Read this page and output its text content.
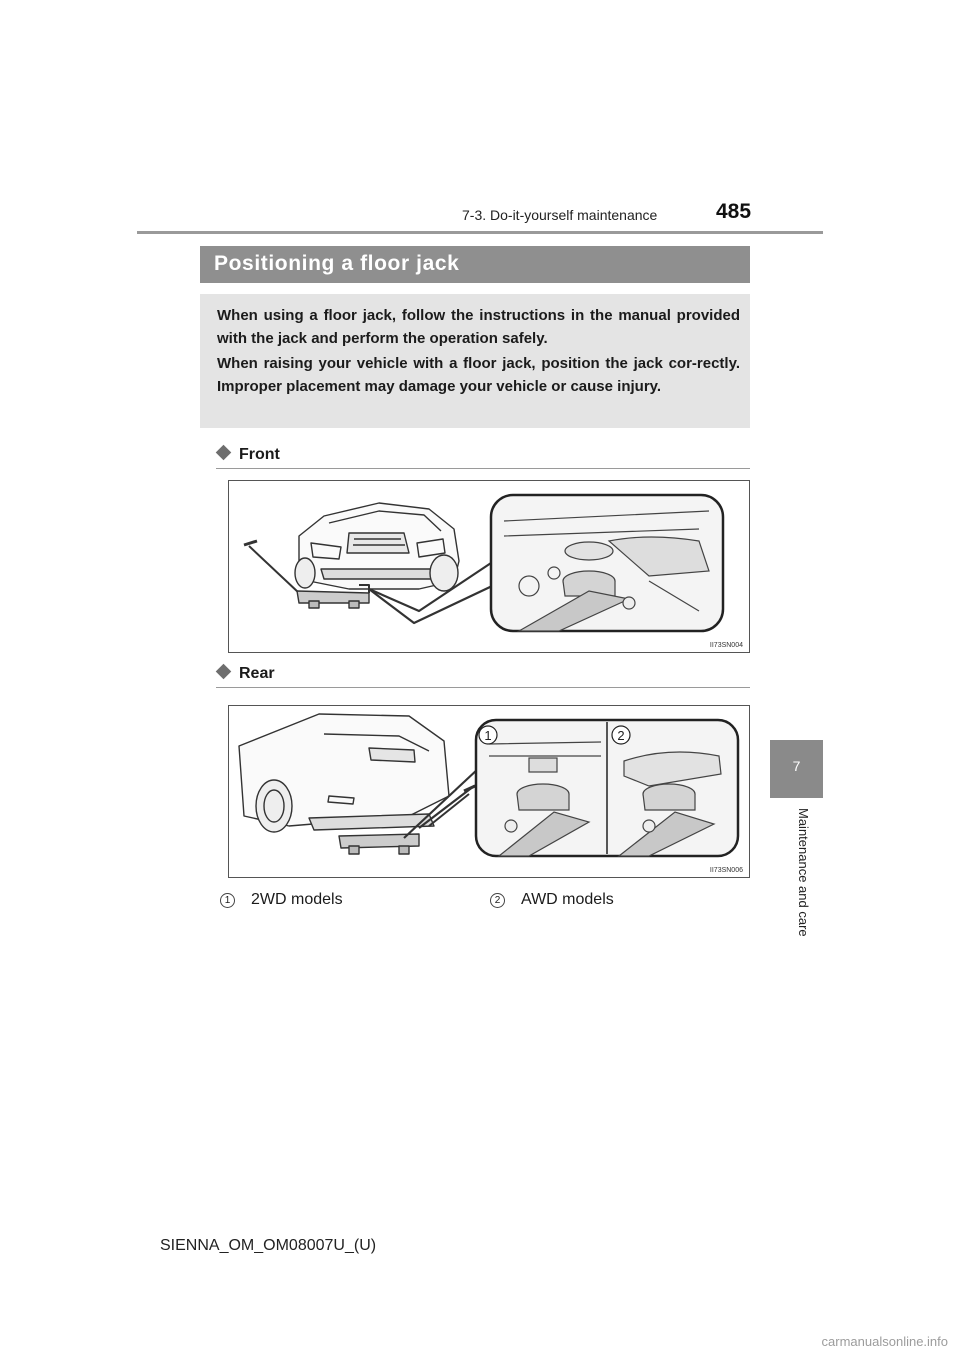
7-3. Do-it-yourself maintenance	485
Positioning a floor jack

When using a floor jack, follow the instructions in the manual provided with the jack and perform the operation safely.

When raising your vehicle with a floor jack, position the jack cor-rectly. Improper placement may damage your vehicle or cause injury.

Front
II73SN004
Rear
1	2
II73SN006
1 2WD models	2 AWD models
7
Maintenance and care
SIENNA_OM_OM08007U_(U)
carmanualsonline.info
